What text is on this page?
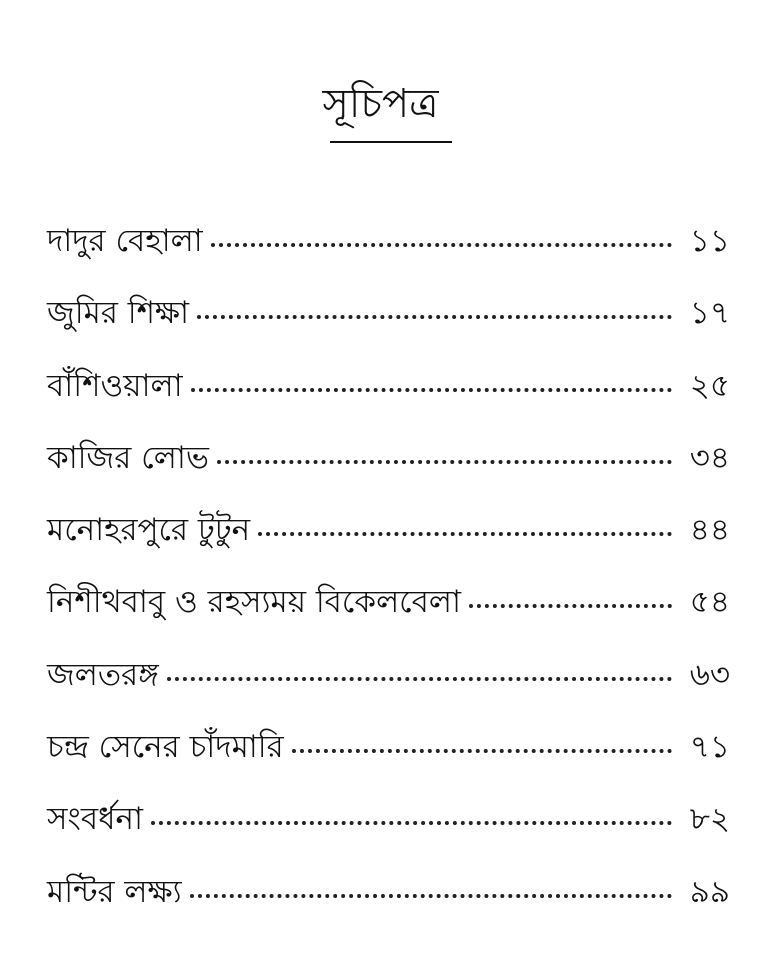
সূচিপত্র
দাদুর বেহালা	১১
জুমির শিক্ষা	১৭
বাঁশিওয়ালা	২৫
কাজির লোভ	৩৪
মনোহরপুরে টুটুন	৪৪
নিশীথবাবু ও রহস্যময় বিকেলবেলা	৫৪
জলতরঙ্গ	৬৩
চন্দ্র সেনের চাঁদমারি	৭১
সংবর্ধনা	৮২
মন্টির লক্ষ্য	৯৯
